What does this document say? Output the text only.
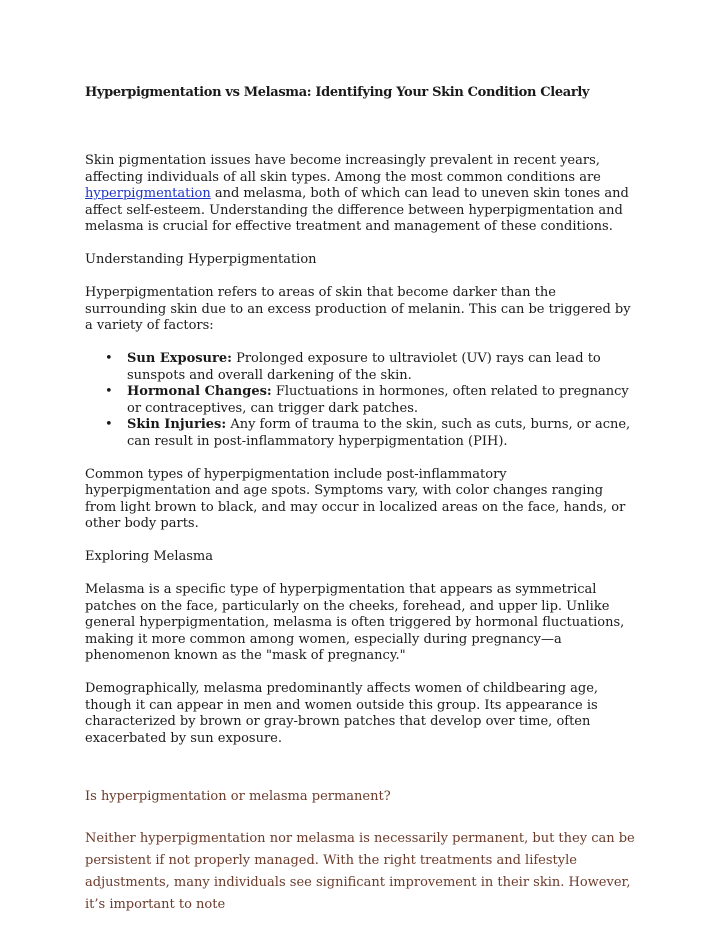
Hyperpigmentation vs Melasma: Identifying Your Skin Condition Clearly

Skin pigmentation issues have become increasingly prevalent in recent years, affecting individuals of all skin types. Among the most common conditions are hyperpigmentation and melasma, both of which can lead to uneven skin tones and affect self-esteem. Understanding the difference between hyperpigmentation and melasma is crucial for effective treatment and management of these conditions.

Understanding Hyperpigmentation

Hyperpigmentation refers to areas of skin that become darker than the surrounding skin due to an excess production of melanin. This can be triggered by a variety of factors:

• Sun Exposure: Prolonged exposure to ultraviolet (UV) rays can lead to sunspots and overall darkening of the skin.
• Hormonal Changes: Fluctuations in hormones, often related to pregnancy or contraceptives, can trigger dark patches.
• Skin Injuries: Any form of trauma to the skin, such as cuts, burns, or acne, can result in post-inflammatory hyperpigmentation (PIH).

Common types of hyperpigmentation include post-inflammatory hyperpigmentation and age spots. Symptoms vary, with color changes ranging from light brown to black, and may occur in localized areas on the face, hands, or other body parts.

Exploring Melasma

Melasma is a specific type of hyperpigmentation that appears as symmetrical patches on the face, particularly on the cheeks, forehead, and upper lip. Unlike general hyperpigmentation, melasma is often triggered by hormonal fluctuations, making it more common among women, especially during pregnancy—a phenomenon known as the "mask of pregnancy."

Demographically, melasma predominantly affects women of childbearing age, though it can appear in men and women outside this group. Its appearance is characterized by brown or gray-brown patches that develop over time, often exacerbated by sun exposure.

Is hyperpigmentation or melasma permanent?

Neither hyperpigmentation nor melasma is necessarily permanent, but they can be persistent if not properly managed. With the right treatments and lifestyle adjustments, many individuals see significant improvement in their skin. However, it’s important to note
